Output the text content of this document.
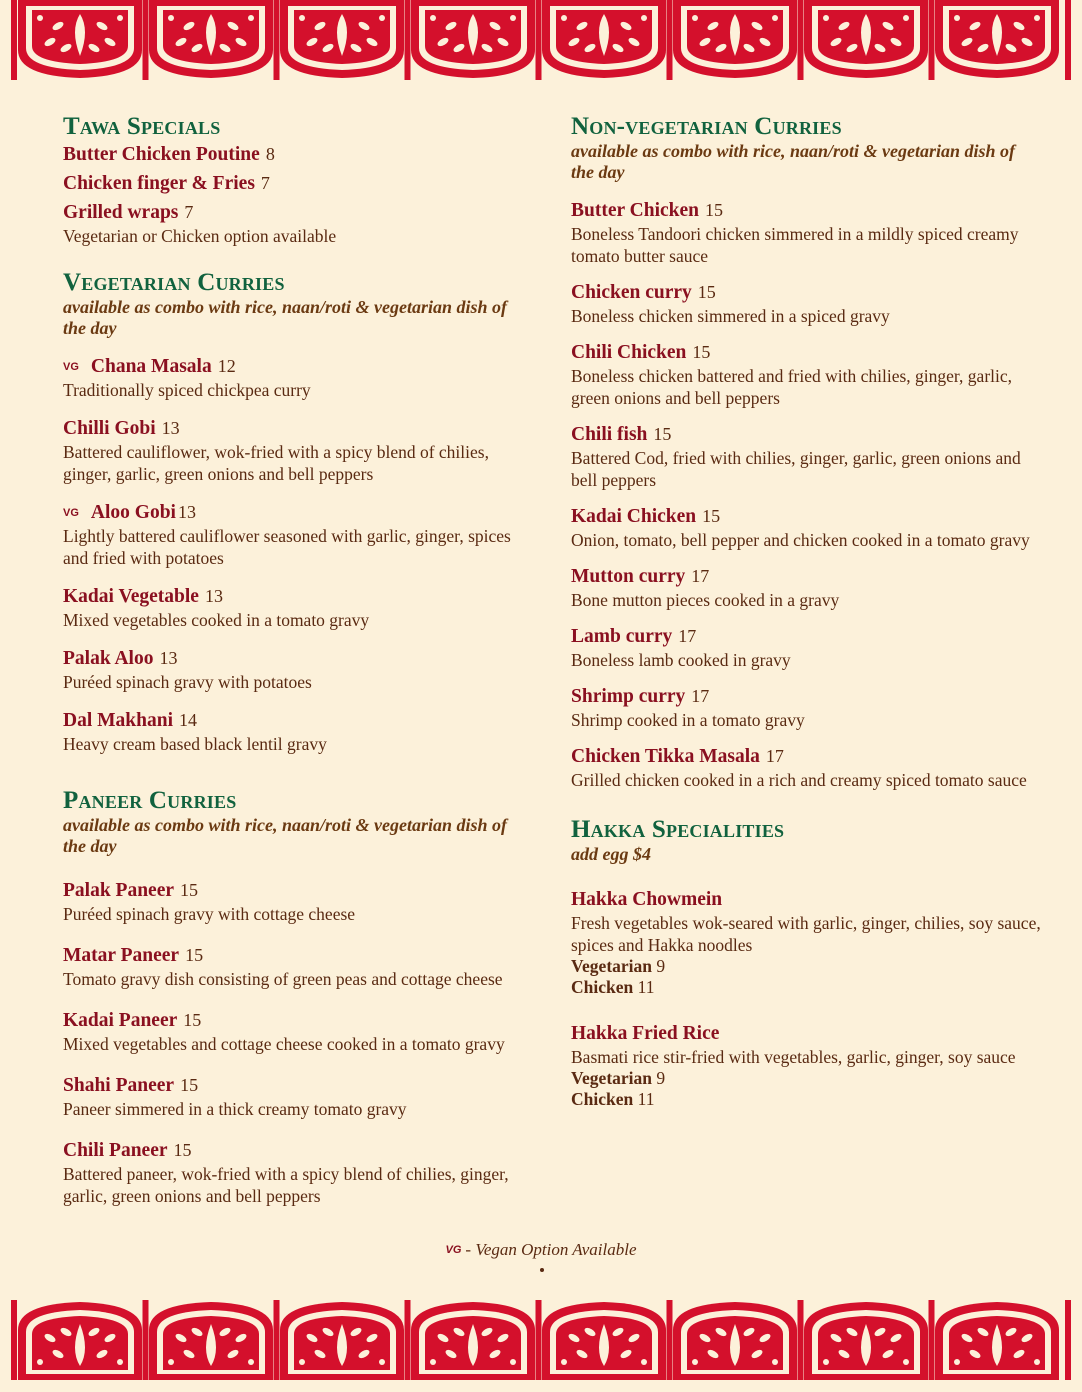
Tawa Specials
Butter Chicken Poutine 8
Chicken finger & Fries 7
Grilled wraps 7
Vegetarian or Chicken option available
Vegetarian Curries
available as combo with rice, naan/roti & vegetarian dish of the day
VG Chana Masala 12
Traditionally spiced chickpea curry
Chilli Gobi 13
Battered cauliflower, wok-fried with a spicy blend of chilies, ginger, garlic, green onions and bell peppers
VG Aloo Gobi 13
Lightly battered cauliflower seasoned with garlic, ginger, spices and fried with potatoes
Kadai Vegetable 13
Mixed vegetables cooked in a tomato gravy
Palak Aloo 13
Puréed spinach gravy with potatoes
Dal Makhani 14
Heavy cream based black lentil gravy
Paneer Curries
available as combo with rice, naan/roti & vegetarian dish of the day
Palak Paneer 15
Puréed spinach gravy with cottage cheese
Matar Paneer 15
Tomato gravy dish consisting of green peas and cottage cheese
Kadai Paneer 15
Mixed vegetables and cottage cheese cooked in a tomato gravy
Shahi Paneer 15
Paneer simmered in a thick creamy tomato gravy
Chili Paneer 15
Battered paneer, wok-fried with a spicy blend of chilies, ginger, garlic, green onions and bell peppers
Non-vegetarian Curries
available as combo with rice, naan/roti & vegetarian dish of the day
Butter Chicken 15
Boneless Tandoori chicken simmered in a mildly spiced creamy tomato butter sauce
Chicken curry 15
Boneless chicken simmered in a spiced gravy
Chili Chicken 15
Boneless chicken battered and fried with chilies, ginger, garlic, green onions and bell peppers
Chili fish 15
Battered Cod, fried with chilies, ginger, garlic, green onions and bell peppers
Kadai Chicken 15
Onion, tomato, bell pepper and chicken cooked in a tomato gravy
Mutton curry 17
Bone mutton pieces cooked in a gravy
Lamb curry 17
Boneless lamb cooked in gravy
Shrimp curry 17
Shrimp cooked in a tomato gravy
Chicken Tikka Masala 17
Grilled chicken cooked in a rich and creamy spiced tomato sauce
Hakka Specialities
add egg $4
Hakka Chowmein
Fresh vegetables wok-seared with garlic, ginger, chilies, soy sauce, spices and Hakka noodles
Vegetarian 9
Chicken 11
Hakka Fried Rice
Basmati rice stir-fried with vegetables, garlic, ginger, soy sauce
Vegetarian 9
Chicken 11
VG - Vegan Option Available
